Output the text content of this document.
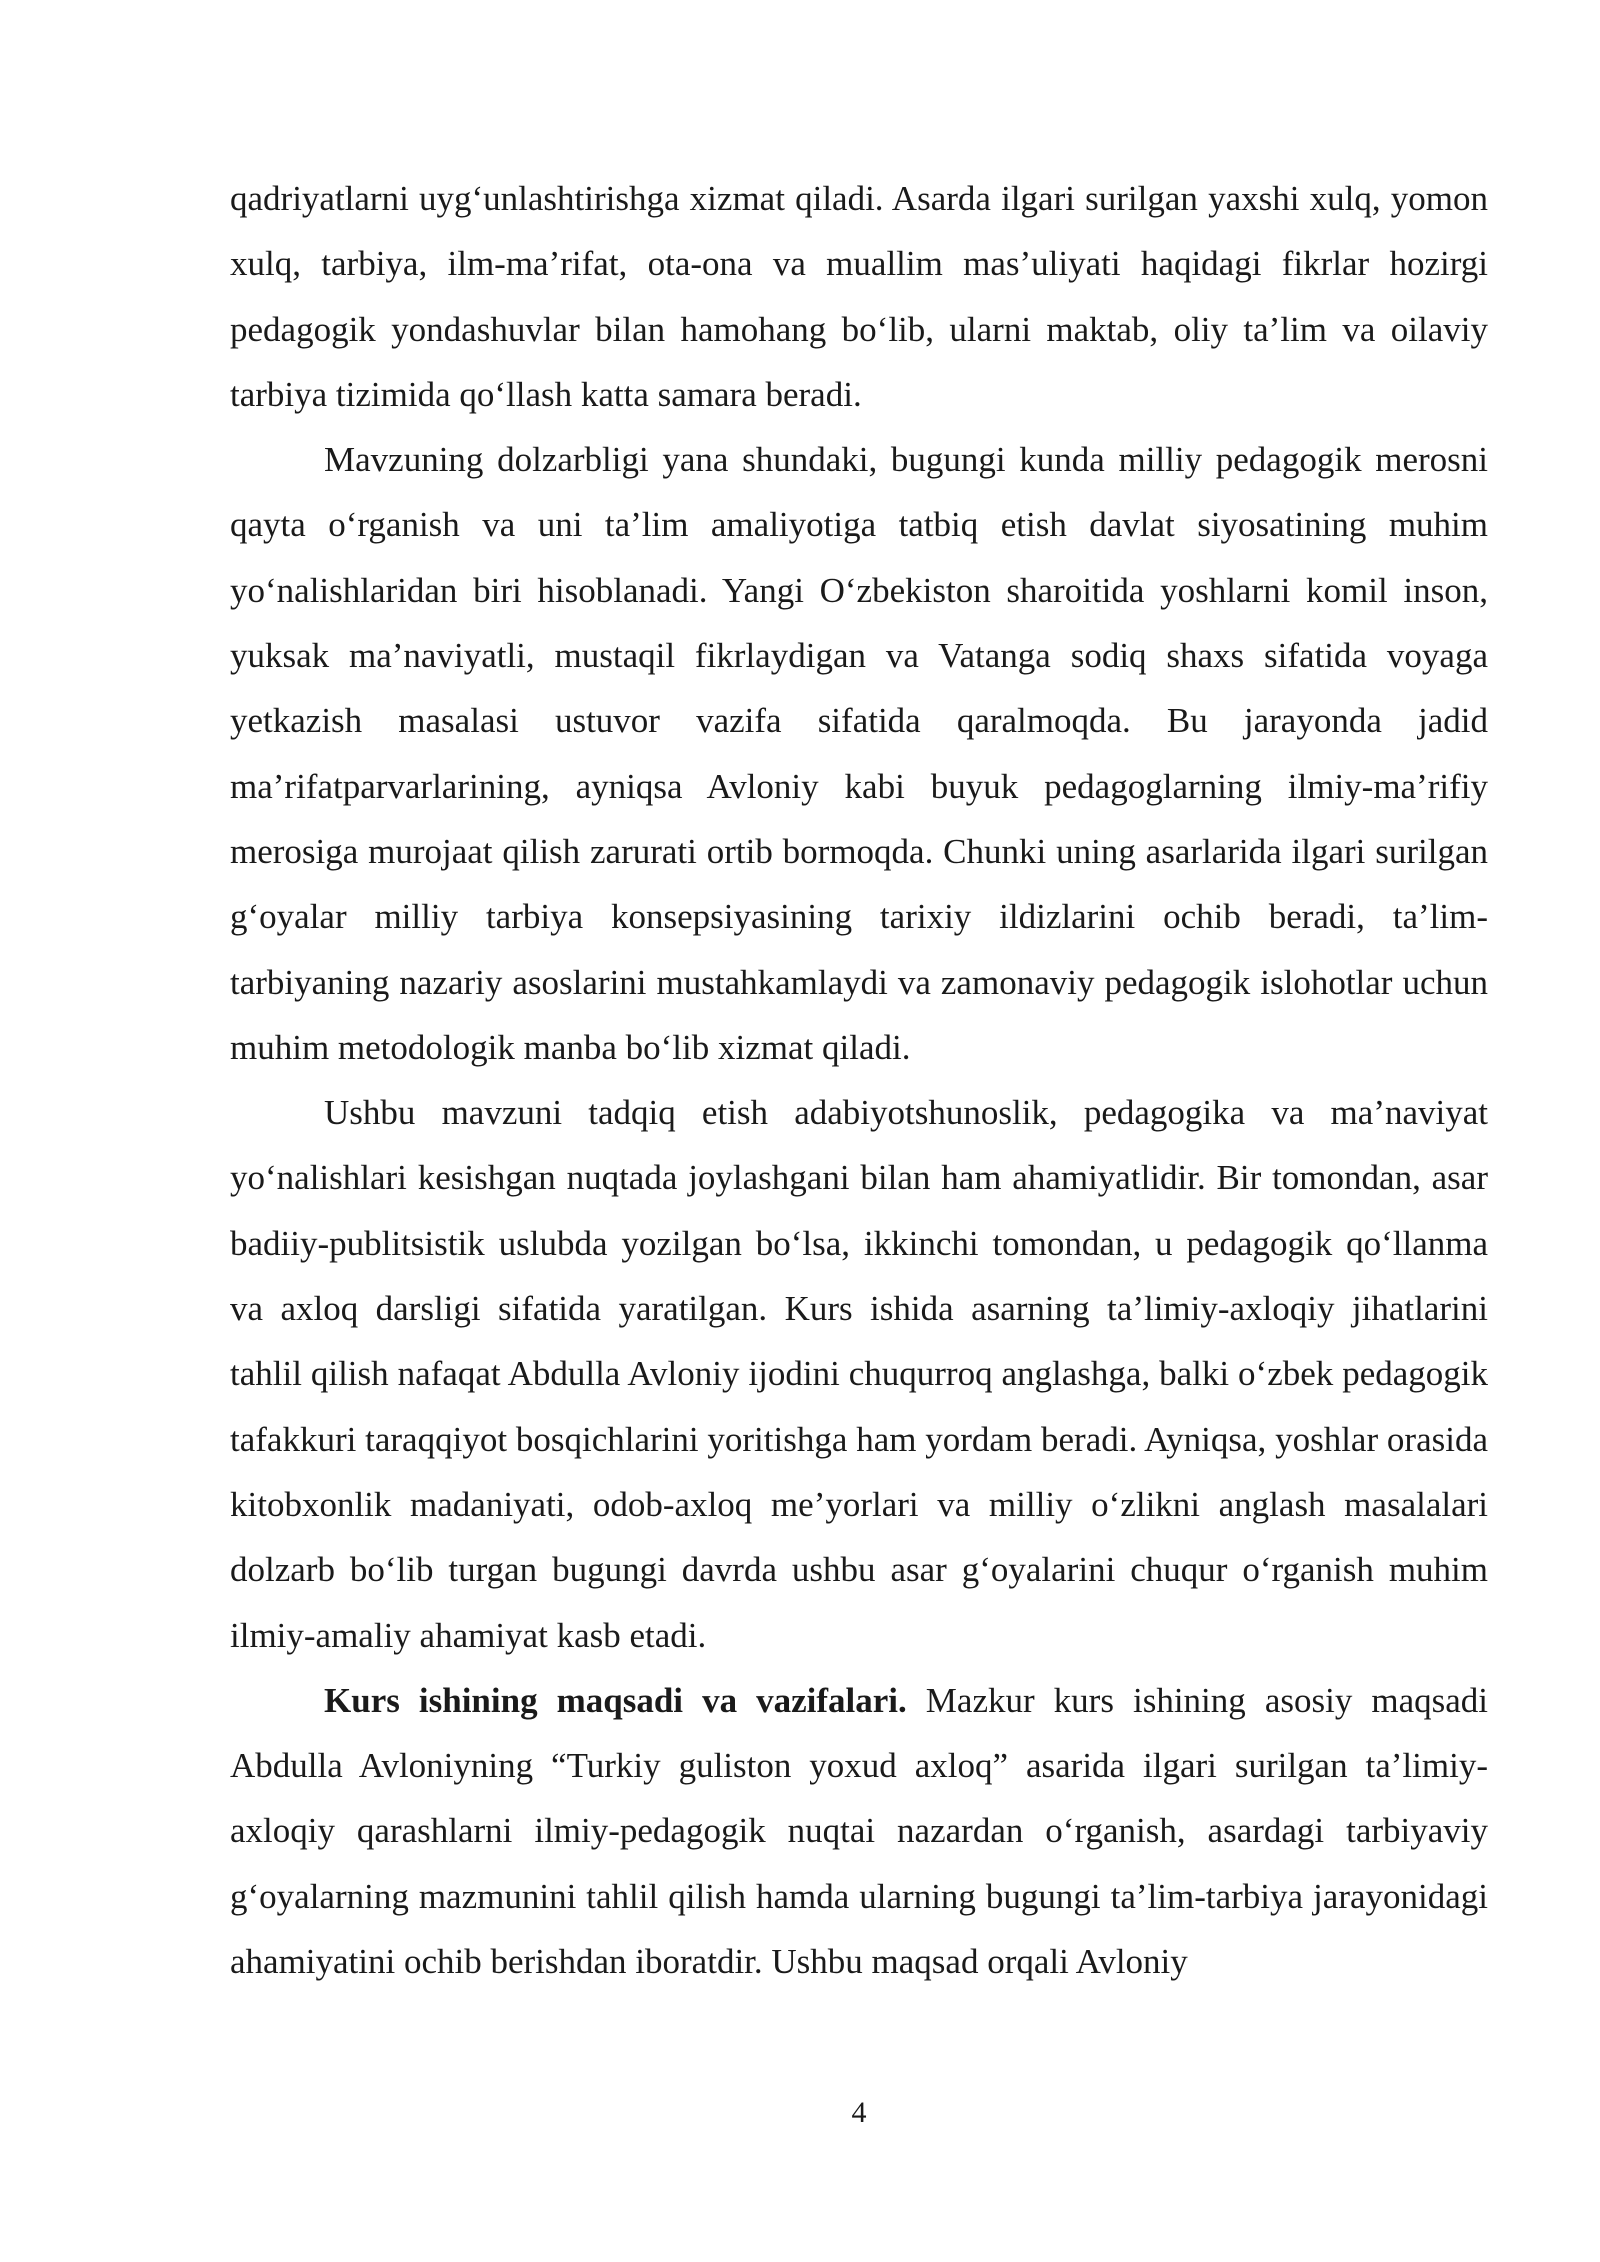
qadriyatlarni uyg‘unlashtirishga xizmat qiladi. Asarda ilgari surilgan yaxshi xulq, yomon xulq, tarbiya, ilm-ma’rifat, ota-ona va muallim mas’uliyati haqidagi fikrlar hozirgi pedagogik yondashuvlar bilan hamohang bo‘lib, ularni maktab, oliy ta’lim va oilaviy tarbiya tizimida qo‘llash katta samara beradi.

Mavzuning dolzarbligi yana shundaki, bugungi kunda milliy pedagogik merosni qayta o‘rganish va uni ta’lim amaliyotiga tatbiq etish davlat siyosatining muhim yo‘nalishlaridan biri hisoblanadi. Yangi O‘zbekiston sharoitida yoshlarni komil inson, yuksak ma’naviyatli, mustaqil fikrlaydigan va Vatanga sodiq shaxs sifatida voyaga yetkazish masalasi ustuvor vazifa sifatida qaralmoqda. Bu jarayonda jadid ma’rifatparvarlarining, ayniqsa Avloniy kabi buyuk pedagoglarning ilmiy-ma’rifiy merosiga murojaat qilish zarurati ortib bormoqda. Chunki uning asarlarida ilgari surilgan g‘oyalar milliy tarbiya konsepsiyasining tarixiy ildizlarini ochib beradi, ta’lim-tarbiyaning nazariy asoslarini mustahkamlaydi va zamonaviy pedagogik islohotlar uchun muhim metodologik manba bo‘lib xizmat qiladi.

Ushbu mavzuni tadqiq etish adabiyotshunoslik, pedagogika va ma’naviyat yo‘nalishlari kesishgan nuqtada joylashgani bilan ham ahamiyatlidir. Bir tomondan, asar badiiy-publitsistik uslubda yozilgan bo‘lsa, ikkinchi tomondan, u pedagogik qo‘llanma va axloq darsligi sifatida yaratilgan. Kurs ishida asarning ta’limiy-axloqiy jihatlarini tahlil qilish nafaqat Abdulla Avloniy ijodini chuqurroq anglashga, balki o‘zbek pedagogik tafakkuri taraqqiyot bosqichlarini yoritishga ham yordam beradi. Ayniqsa, yoshlar orasida kitobxonlik madaniyati, odob-axloq me’yorlari va milliy o‘zlikni anglash masalalari dolzarb bo‘lib turgan bugungi davrda ushbu asar g‘oyalarini chuqur o‘rganish muhim ilmiy-amaliy ahamiyat kasb etadi.

Kurs ishining maqsadi va vazifalari. Mazkur kurs ishining asosiy maqsadi Abdulla Avloniyning “Turkiy guliston yoxud axloq” asarida ilgari surilgan ta’limiy-axloqiy qarashlarni ilmiy-pedagogik nuqtai nazardan o‘rganish, asardagi tarbiyaviy g‘oyalarning mazmunini tahlil qilish hamda ularning bugungi ta’lim-tarbiya jarayonidagi ahamiyatini ochib berishdan iboratdir. Ushbu maqsad orqali Avloniy

4
